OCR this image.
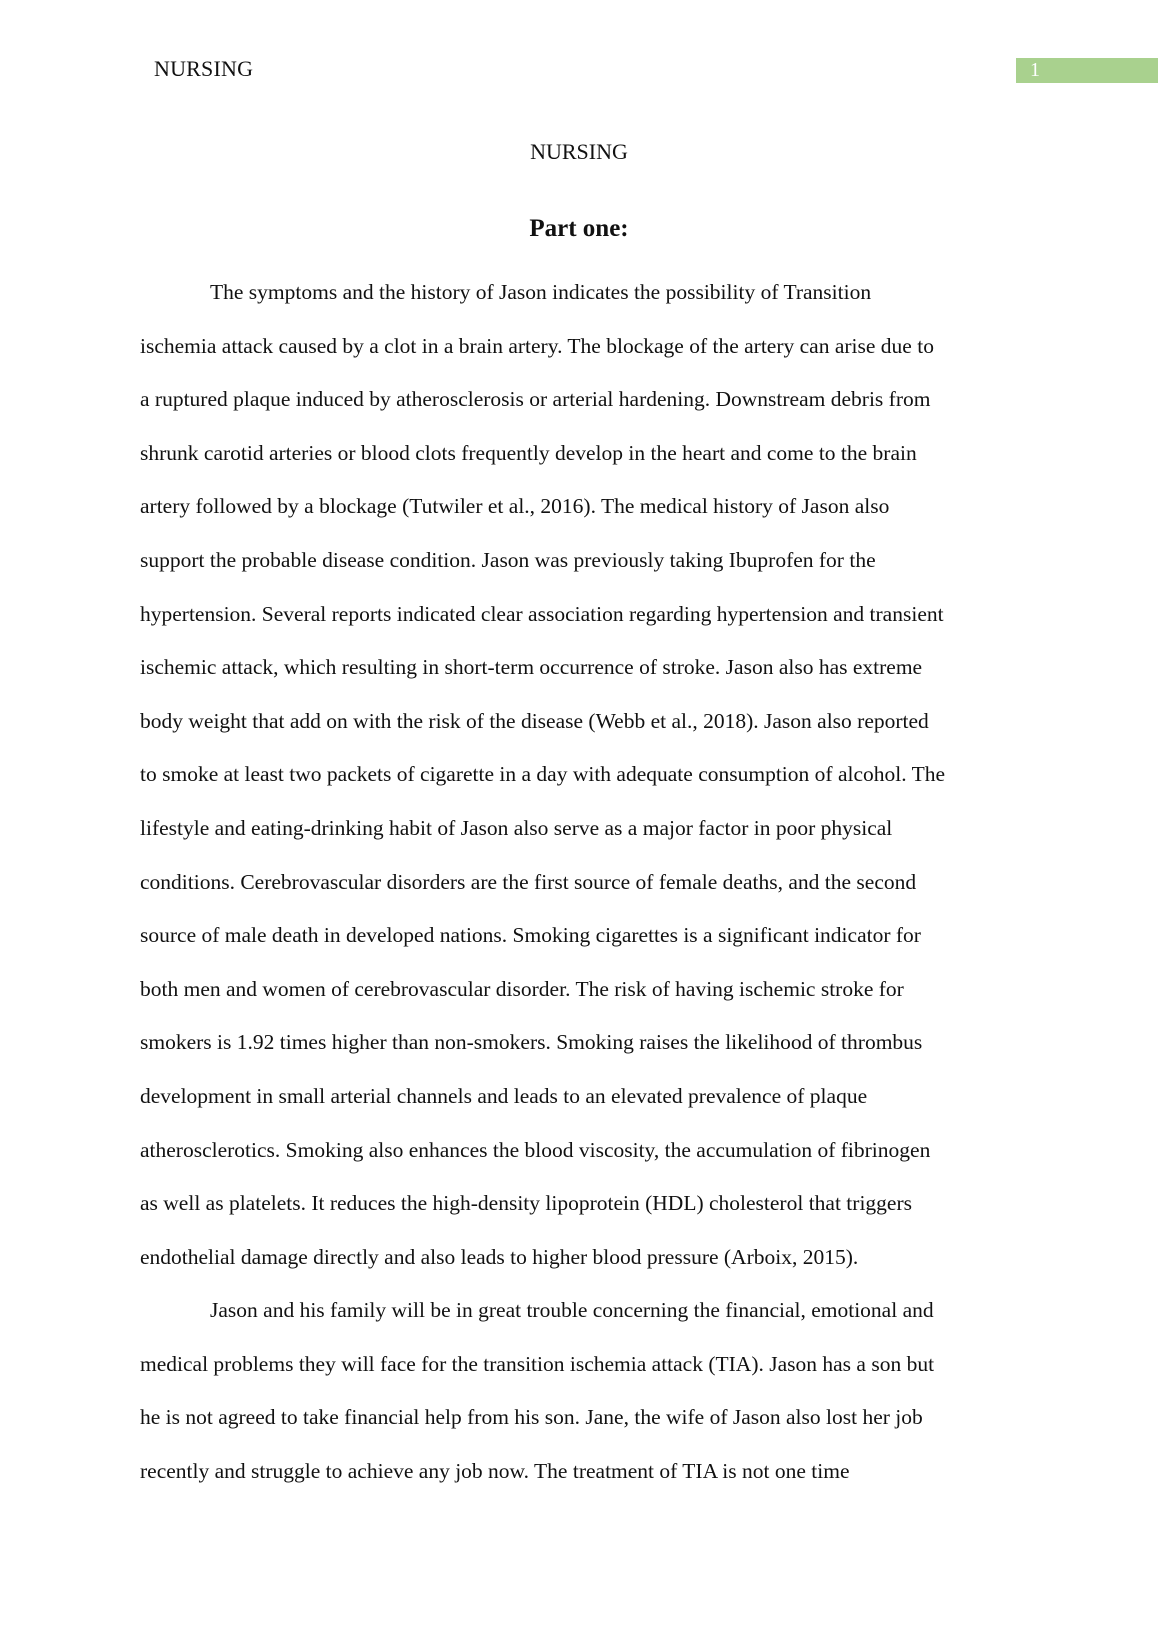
NURSING	1
NURSING
Part one:
The symptoms and the history of Jason indicates the possibility of Transition
ischemia attack caused by a clot in a brain artery. The blockage of the artery can arise due to
a ruptured plaque induced by atherosclerosis or arterial hardening. Downstream debris from
shrunk carotid arteries or blood clots frequently develop in the heart and come to the brain
artery followed by a blockage (Tutwiler et al., 2016). The medical history of Jason also
support the probable disease condition. Jason was previously taking Ibuprofen for the
hypertension. Several reports indicated clear association regarding hypertension and transient
ischemic attack, which resulting in short-term occurrence of stroke. Jason also has extreme
body weight that add on with the risk of the disease (Webb et al., 2018). Jason also reported
to smoke at least two packets of cigarette in a day with adequate consumption of alcohol. The
lifestyle and eating-drinking habit of Jason also serve as a major factor in poor physical
conditions. Cerebrovascular disorders are the first source of female deaths, and the second
source of male death in developed nations. Smoking cigarettes is a significant indicator for
both men and women of cerebrovascular disorder. The risk of having ischemic stroke for
smokers is 1.92 times higher than non-smokers. Smoking raises the likelihood of thrombus
development in small arterial channels and leads to an elevated prevalence of plaque
atherosclerotics. Smoking also enhances the blood viscosity, the accumulation of fibrinogen
as well as platelets. It reduces the high-density lipoprotein (HDL) cholesterol that triggers
endothelial damage directly and also leads to higher blood pressure (Arboix, 2015).
Jason and his family will be in great trouble concerning the financial, emotional and
medical problems they will face for the transition ischemia attack (TIA). Jason has a son but
he is not agreed to take financial help from his son. Jane, the wife of Jason also lost her job
recently and struggle to achieve any job now. The treatment of TIA is not one time
